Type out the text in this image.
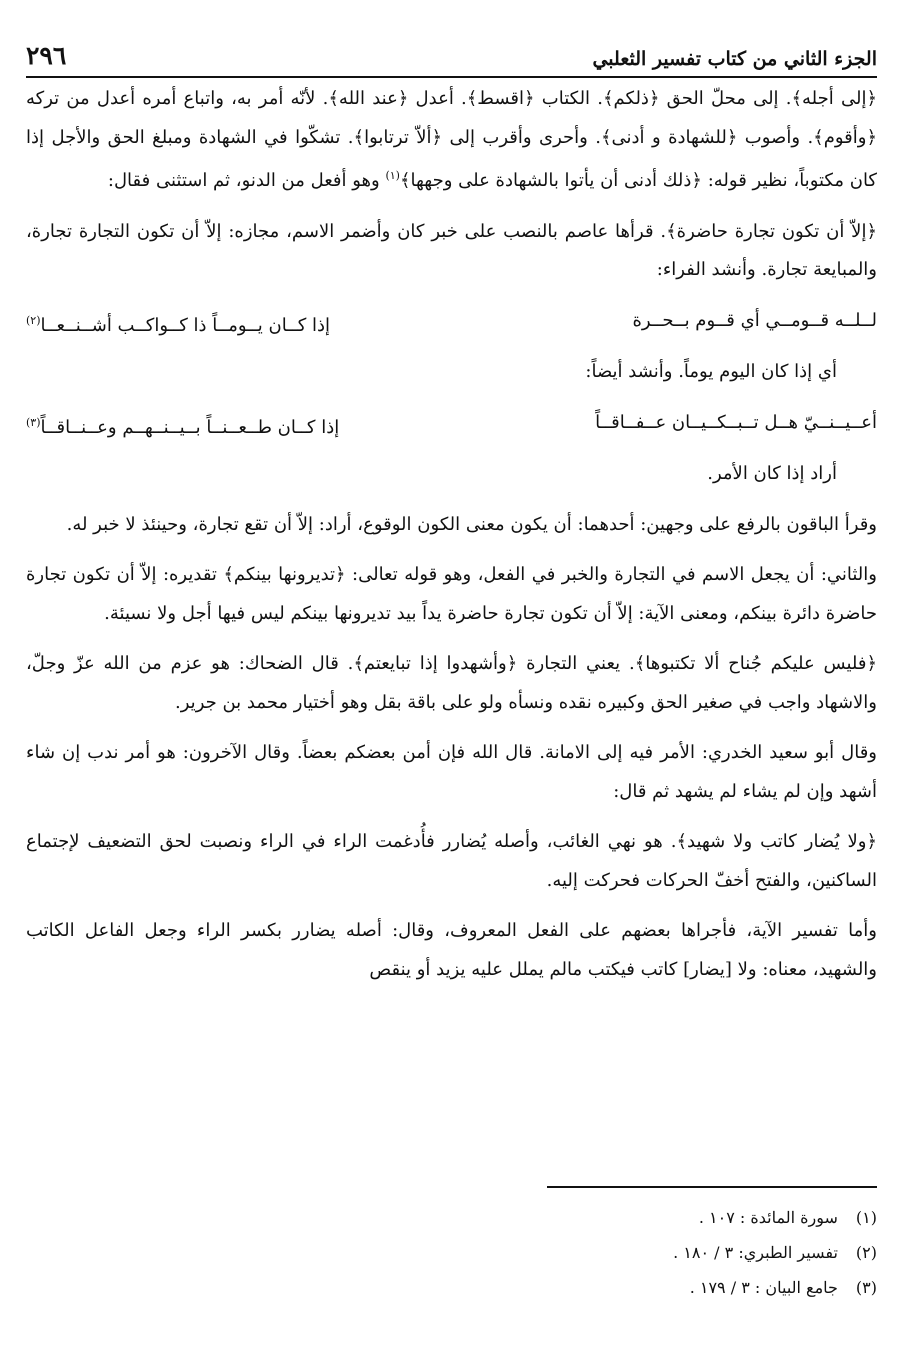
الجزء الثاني من كتاب تفسير الثعلبي
٢٩٦

﴿إلى أجله﴾. إلى محلّ الحق ﴿ذلكم﴾. الكتاب ﴿اقسط﴾. أعدل ﴿عند الله﴾. لأنّه أمر به، واتباع أمره أعدل من تركه ﴿وأقوم﴾. وأصوب ﴿للشهادة و أدنى﴾. وأحرى وأقرب إلى ﴿ألاّ ترتابوا﴾. تشكّوا في الشهادة ومبلغ الحق والأجل إذا كان مكتوباً، نظير قوله: ﴿ذلك أدنى أن يأتوا بالشهادة على وجهها﴾$^{(١)}$ وهو أفعل من الدنو، ثم استثنى فقال:

﴿إلاّ أن تكون تجارة حاضرة﴾. قرأها عاصم بالنصب على خبر كان وأضمر الاسم، مجازه: إلاّ أن تكون التجارة تجارة، والمبايعة تجارة. وأنشد الفراء:

لــلــه قــومــي أي قــوم بــحــرة
إذا كــان يــومــاً ذا كــواكــب أشــنــعــا$^{(٢)}$

أي إذا كان اليوم يوماً. وأنشد أيضاً:

أعــيــنــيّ هــل تــبــكــيــان عــفــاقــاً
إذا كــان طــعــنــاً بــيــنــهــم وعــنــاقــاً$^{(٣)}$

أراد إذا كان الأمر.

وقرأ الباقون بالرفع على وجهين: أحدهما: أن يكون معنى الكون الوقوع، أراد: إلاّ أن تقع تجارة، وحينئذ لا خبر له.

والثاني: أن يجعل الاسم في التجارة والخبر في الفعل، وهو قوله تعالى: ﴿تديرونها بينكم﴾ تقديره: إلاّ أن تكون تجارة حاضرة دائرة بينكم، ومعنى الآية: إلاّ أن تكون تجارة حاضرة يداً بيد تديرونها بينكم ليس فيها أجل ولا نسيئة.

﴿فليس عليكم جُناح ألا تكتبوها﴾. يعني التجارة ﴿وأشهدوا إذا تبايعتم﴾. قال الضحاك: هو عزم من الله عزّ وجلّ، والاشهاد واجب في صغير الحق وكبيره نقده ونسأه ولو على باقة بقل وهو أختيار محمد بن جرير.

وقال أبو سعيد الخدري: الأمر فيه إلى الامانة. قال الله فإن أمن بعضكم بعضاً. وقال الآخرون: هو أمر ندب إن شاء أشهد وإن لم يشاء لم يشهد ثم قال:

﴿ولا يُضار كاتب ولا شهيد﴾. هو نهي الغائب، وأصله يُضارر فأُدغمت الراء في الراء ونصبت لحق التضعيف لإجتماع الساكنين، والفتح أخفّ الحركات فحركت إليه.

وأما تفسير الآية، فأجراها بعضهم على الفعل المعروف، وقال: أصله يضارر بكسر الراء وجعل الفاعل الكاتب والشهيد، معناه: ولا [يضار] كاتب فيكتب مالم يملل عليه يزيد أو ينقص

(١)
سورة المائدة : ١٠٧ .
(٢)
تفسير الطبري: ٣ / ١٨٠ .
(٣)
جامع البيان : ٣ / ١٧٩ .
